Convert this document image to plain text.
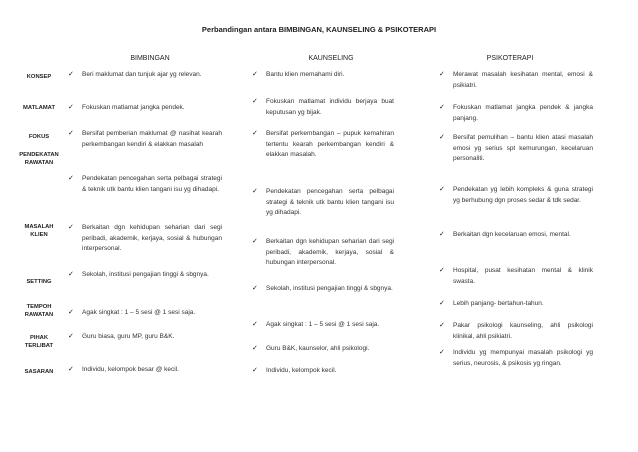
Perbandingan antara BIMBINGAN, KAUNSELING & PSIKOTERAPI
BIMBINGAN	KAUNSELING	PSIKOTERAPI
KONSEP
MATLAMAT
FOKUS
PENDEKATAN
RAWATAN
MASALAH
KLIEN
SETTING
TEMPOH
RAWATAN
PIHAK
TERLIBAT
SASARAN
✓ Beri maklumat dan tunjuk ajar yg relevan.
✓ Fokuskan matlamat jangka pendek.
✓ Bersifat pemberian maklumat @ nasihat kearah perkembangan kendiri & elakkan masalah
✓ Pendekatan pencegahan serta pelbagai strategi & teknik utk bantu klien tangani isu yg dihadapi.
✓ Berkaitan dgn kehidupan seharian dari segi peribadi, akademik, kerjaya, sosial & hubungan interpersonal.
✓ Sekolah, institusi pengajian tinggi & sbgnya.
✓ Agak singkat : 1 – 5 sesi @ 1 sesi saja.
✓ Guru biasa, guru MP, guru B&K.
✓ Individu, kelompok besar @ kecil.
✓ Bantu klien memahami diri.
✓ Fokuskan matlamat individu berjaya buat keputusan yg bijak.
✓ Bersifat perkembangan – pupuk kemahiran tertentu kearah perkembangan kendiri & elakkan masalah.
✓ Pendekatan pencegahan serta pelbagai strategi & teknik utk bantu klien tangani isu yg dihadapi.
✓ Berkaitan dgn kehidupan seharian dari segi peribadi, akademik, kerjaya, sosial & hubungan interpersonal.
✓ Sekolah, institusi pengajian tinggi & sbgnya.
✓ Agak singkat : 1 – 5 sesi @ 1 sesi saja.
✓ Guru B&K, kaunselor, ahli psikologi.
✓ Individu, kelompok kecil.
✓ Merawat masalah kesihatan mental, emosi & psikiatri.
✓ Fokuskan matlamat jangka pendek & jangka panjang.
✓ Bersifat pemulihan – bantu klien atasi masalah emosi yg serius spt kemurungan, kecelaruan personaliti.
✓ Pendekatan yg lebih kompleks & guna strategi yg berhubung dgn proses sedar & tdk sedar.
✓ Berkaitan dgn kecelaruan emosi, mental.
✓ Hospital, pusat kesihatan mental & klinik swasta.
✓ Lebih panjang- bertahun-tahun.
✓ Pakar psikologi kaunseling, ahli psikologi klinikal, ahli psikiatri.
✓ Individu yg mempunyai masalah psikologi yg serius, neurosis, & psikosis yg ringan.
